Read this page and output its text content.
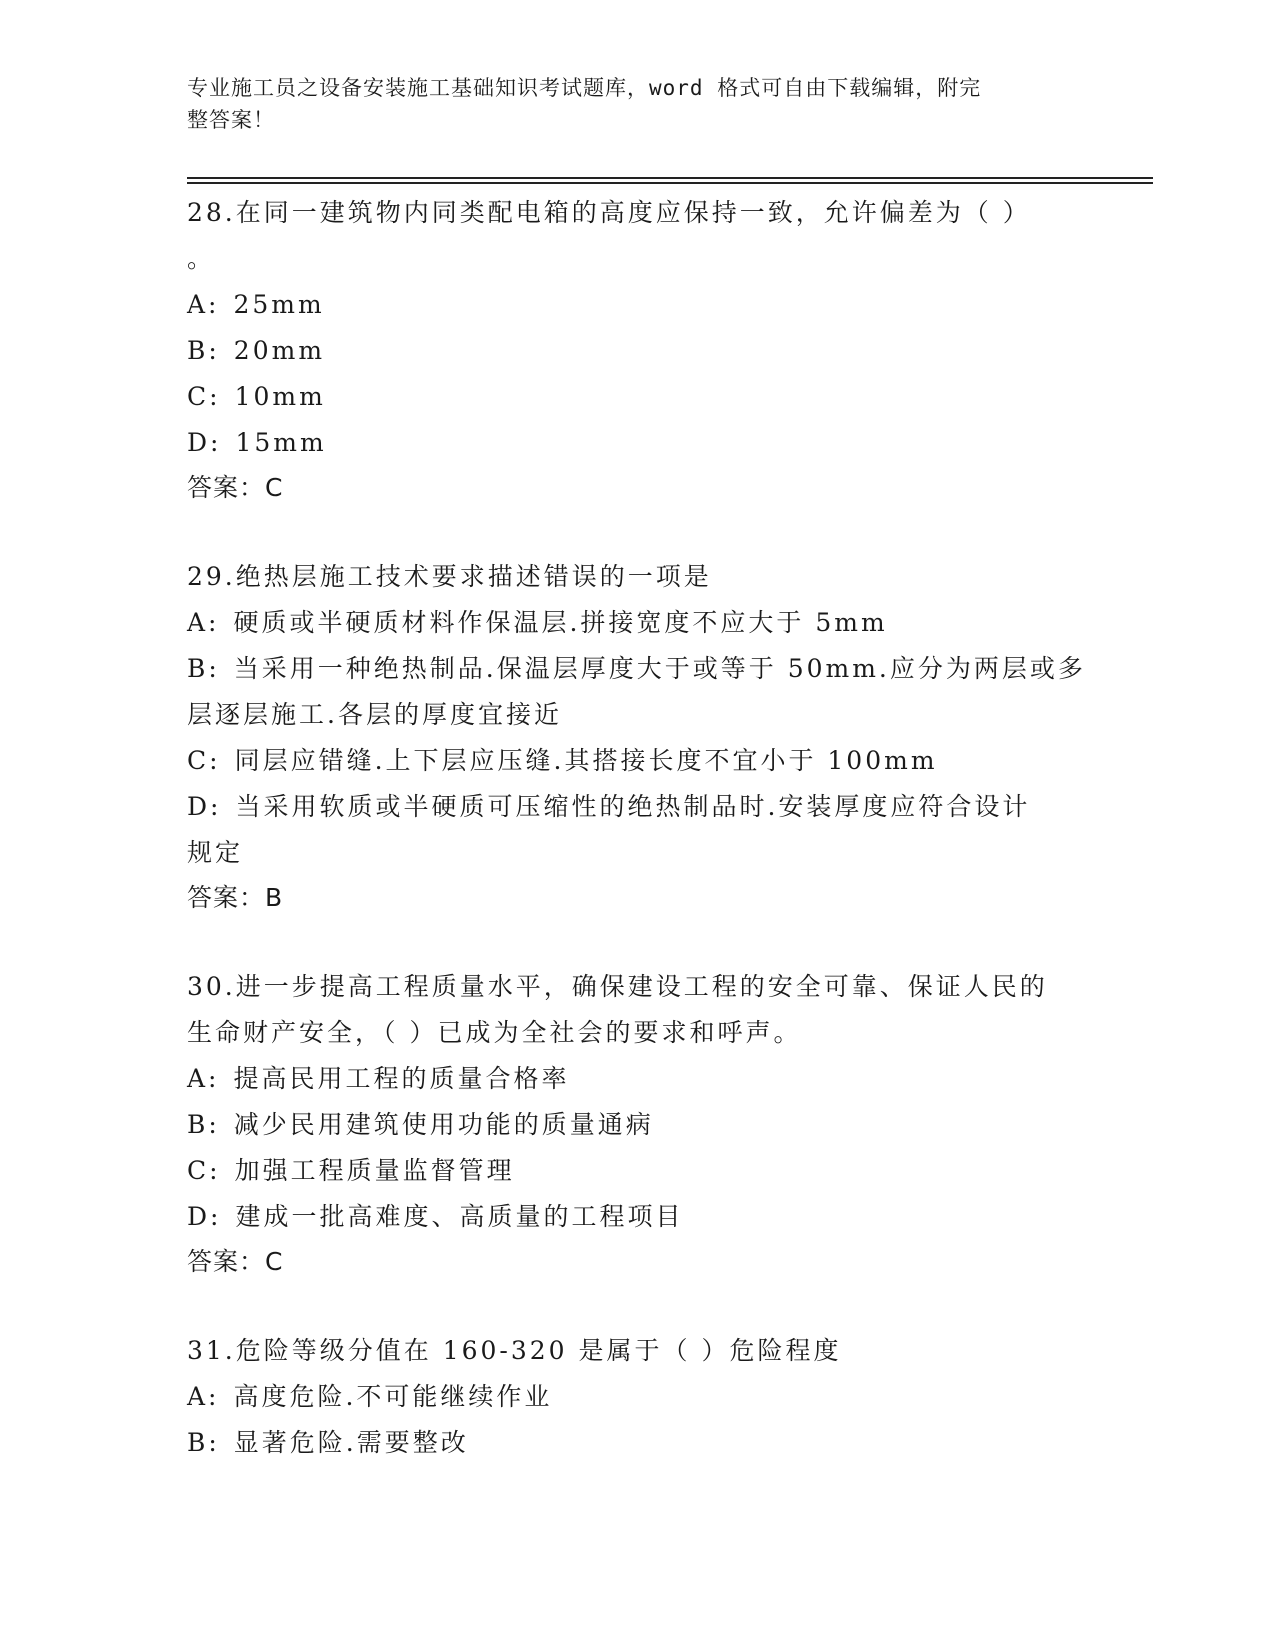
专业施工员之设备安装施工基础知识考试题库，word 格式可自由下载编辑，附完
整答案！
28.在同一建筑物内同类配电箱的高度应保持一致，允许偏差为（ ）
。
A: 25mm
B: 20mm
C: 10mm
D: 15mm
答案：C
29.绝热层施工技术要求描述错误的一项是
A: 硬质或半硬质材料作保温层.拼接宽度不应大于 5mm
B: 当采用一种绝热制品.保温层厚度大于或等于 50mm.应分为两层或多
层逐层施工.各层的厚度宜接近
C: 同层应错缝.上下层应压缝.其搭接长度不宜小于 100mm
D: 当采用软质或半硬质可压缩性的绝热制品时.安装厚度应符合设计
规定
答案：B
30.进一步提高工程质量水平，确保建设工程的安全可靠、保证人民的
生命财产安全，（ ）已成为全社会的要求和呼声。
A: 提高民用工程的质量合格率
B: 减少民用建筑使用功能的质量通病
C: 加强工程质量监督管理
D: 建成一批高难度、高质量的工程项目
答案：C
31.危险等级分值在 160-320 是属于（ ）危险程度
A: 高度危险.不可能继续作业
B: 显著危险.需要整改
